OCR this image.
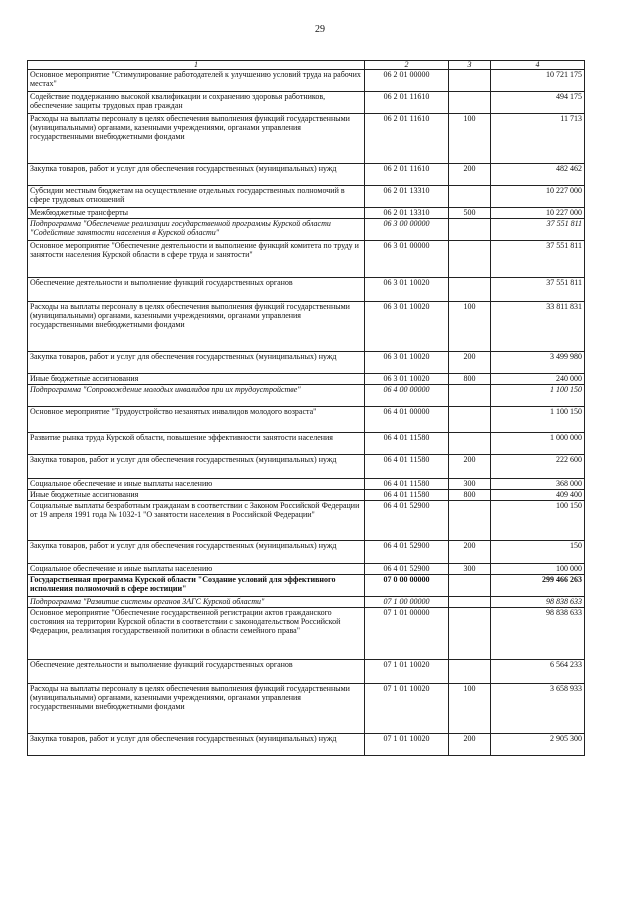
29
1	2	3	4
Основное мероприятие "Стимулирование работодателей к улучшению условий труда на рабочих местах"	06 2 01 00000		10 721 175
Содействие поддержанию высокой квалификации и сохранению здоровья работников, обеспечение защиты трудовых прав граждан	06 2 01 11610		494 175
Расходы на выплаты персоналу в целях обеспечения выполнения функций государственными (муниципальными) органами, казенными учреждениями, органами управления государственными внебюджетными фондами	06 2 01 11610	100	11 713
Закупка товаров, работ и услуг для обеспечения государственных (муниципальных) нужд	06 2 01 11610	200	482 462
Субсидии местным бюджетам на осуществление отдельных государственных полномочий в сфере трудовых отношений	06 2 01 13310		10 227 000
Межбюджетные трансферты	06 2 01 13310	500	10 227 000
Подпрограмма "Обеспечение реализации государственной программы Курской области "Содействие занятости населения в Курской области"	06 3 00 00000		37 551 811
Основное мероприятие "Обеспечение деятельности и выполнение функций комитета по труду и занятости населения Курской области в сфере труда и занятости"	06 3 01 00000		37 551 811
Обеспечение деятельности и выполнение функций государственных органов	06 3 01 10020		37 551 811
Расходы на выплаты персоналу в целях обеспечения выполнения функций государственными (муниципальными) органами, казенными учреждениями, органами управления государственными внебюджетными фондами	06 3 01 10020	100	33 811 831
Закупка товаров, работ и услуг для обеспечения государственных (муниципальных) нужд	06 3 01 10020	200	3 499 980
Иные бюджетные ассигнования	06 3 01 10020	800	240 000
Подпрограмма "Сопровождение молодых инвалидов при их трудоустройстве"	06 4 00 00000		1 100 150
Основное мероприятие "Трудоустройство незанятых инвалидов молодого возраста"	06 4 01 00000		1 100 150
Развитие рынка труда Курской области, повышение эффективности занятости населения	06 4 01 11580		1 000 000
Закупка товаров, работ и услуг для обеспечения государственных (муниципальных) нужд	06 4 01 11580	200	222 600
Социальное обеспечение и иные выплаты населению	06 4 01 11580	300	368 000
Иные бюджетные ассигнования	06 4 01 11580	800	409 400
Социальные выплаты безработным гражданам в соответствии с Законом Российской Федерации от 19 апреля 1991 года № 1032-1 "О занятости населения в Российской Федерации"	06 4 01 52900		100 150
Закупка товаров, работ и услуг для обеспечения государственных (муниципальных) нужд	06 4 01 52900	200	150
Социальное обеспечение и иные выплаты населению	06 4 01 52900	300	100 000
Государственная программа Курской области "Создание условий для эффективного исполнения полномочий в сфере юстиции"	07 0 00 00000		299 466 263
Подпрограмма "Развитие системы органов ЗАГС Курской области"	07 1 00 00000		98 838 633
Основное мероприятие "Обеспечение государственной регистрации актов гражданского состояния на территории Курской области в соответствии с законодательством Российской Федерации, реализация государственной политики в области семейного права"	07 1 01 00000		98 838 633
Обеспечение деятельности и выполнение функций государственных органов	07 1 01 10020		6 564 233
Расходы на выплаты персоналу в целях обеспечения выполнения функций государственными (муниципальными) органами, казенными учреждениями, органами управления государственными внебюджетными фондами	07 1 01 10020	100	3 658 933
Закупка товаров, работ и услуг для обеспечения государственных (муниципальных) нужд	07 1 01 10020	200	2 905 300
